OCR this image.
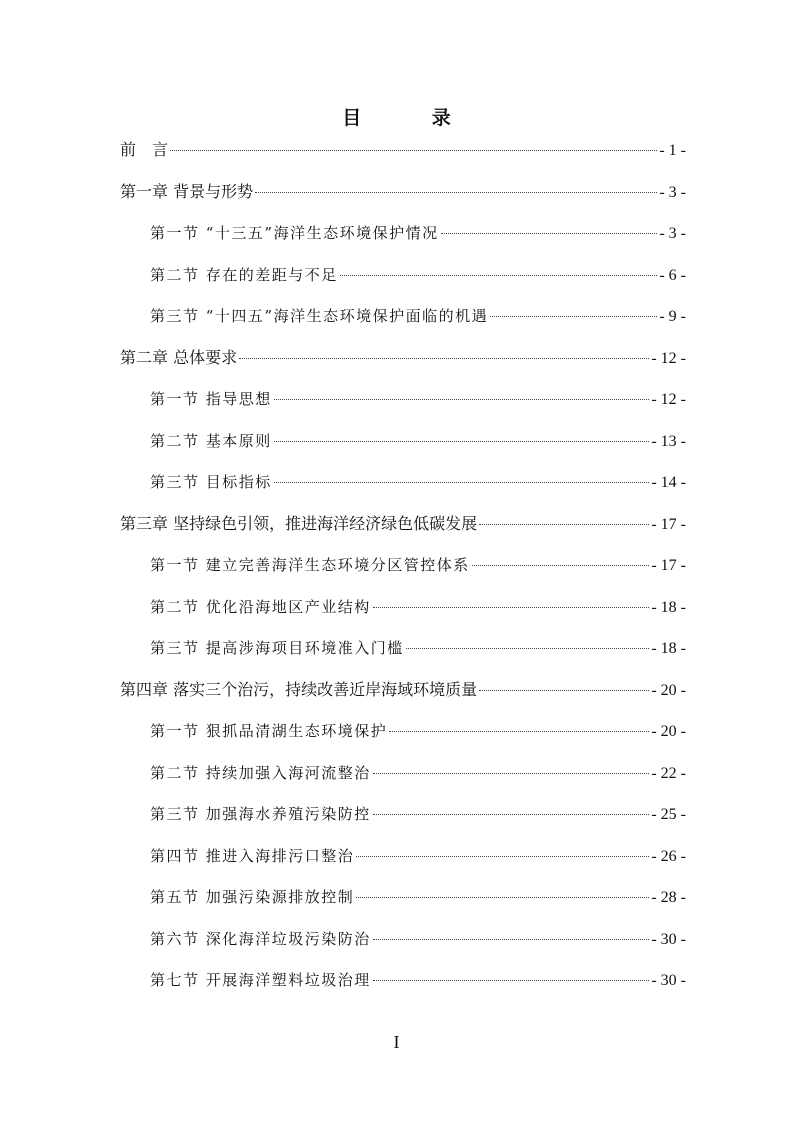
目 录
前　言	- 1 -
第一章 背景与形势	- 3 -
第一节 “十三五”海洋生态环境保护情况	- 3 -
第二节 存在的差距与不足	- 6 -
第三节 “十四五”海洋生态环境保护面临的机遇	- 9 -
第二章 总体要求	- 12 -
第一节 指导思想	- 12 -
第二节 基本原则	- 13 -
第三节 目标指标	- 14 -
第三章 坚持绿色引领，推进海洋经济绿色低碳发展	- 17 -
第一节 建立完善海洋生态环境分区管控体系	- 17 -
第二节 优化沿海地区产业结构	- 18 -
第三节 提高涉海项目环境准入门槛	- 18 -
第四章 落实三个治污，持续改善近岸海域环境质量	- 20 -
第一节 狠抓品清湖生态环境保护	- 20 -
第二节 持续加强入海河流整治	- 22 -
第三节 加强海水养殖污染防控	- 25 -
第四节 推进入海排污口整治	- 26 -
第五节 加强污染源排放控制	- 28 -
第六节 深化海洋垃圾污染防治	- 30 -
第七节 开展海洋塑料垃圾治理	- 30 -
I
